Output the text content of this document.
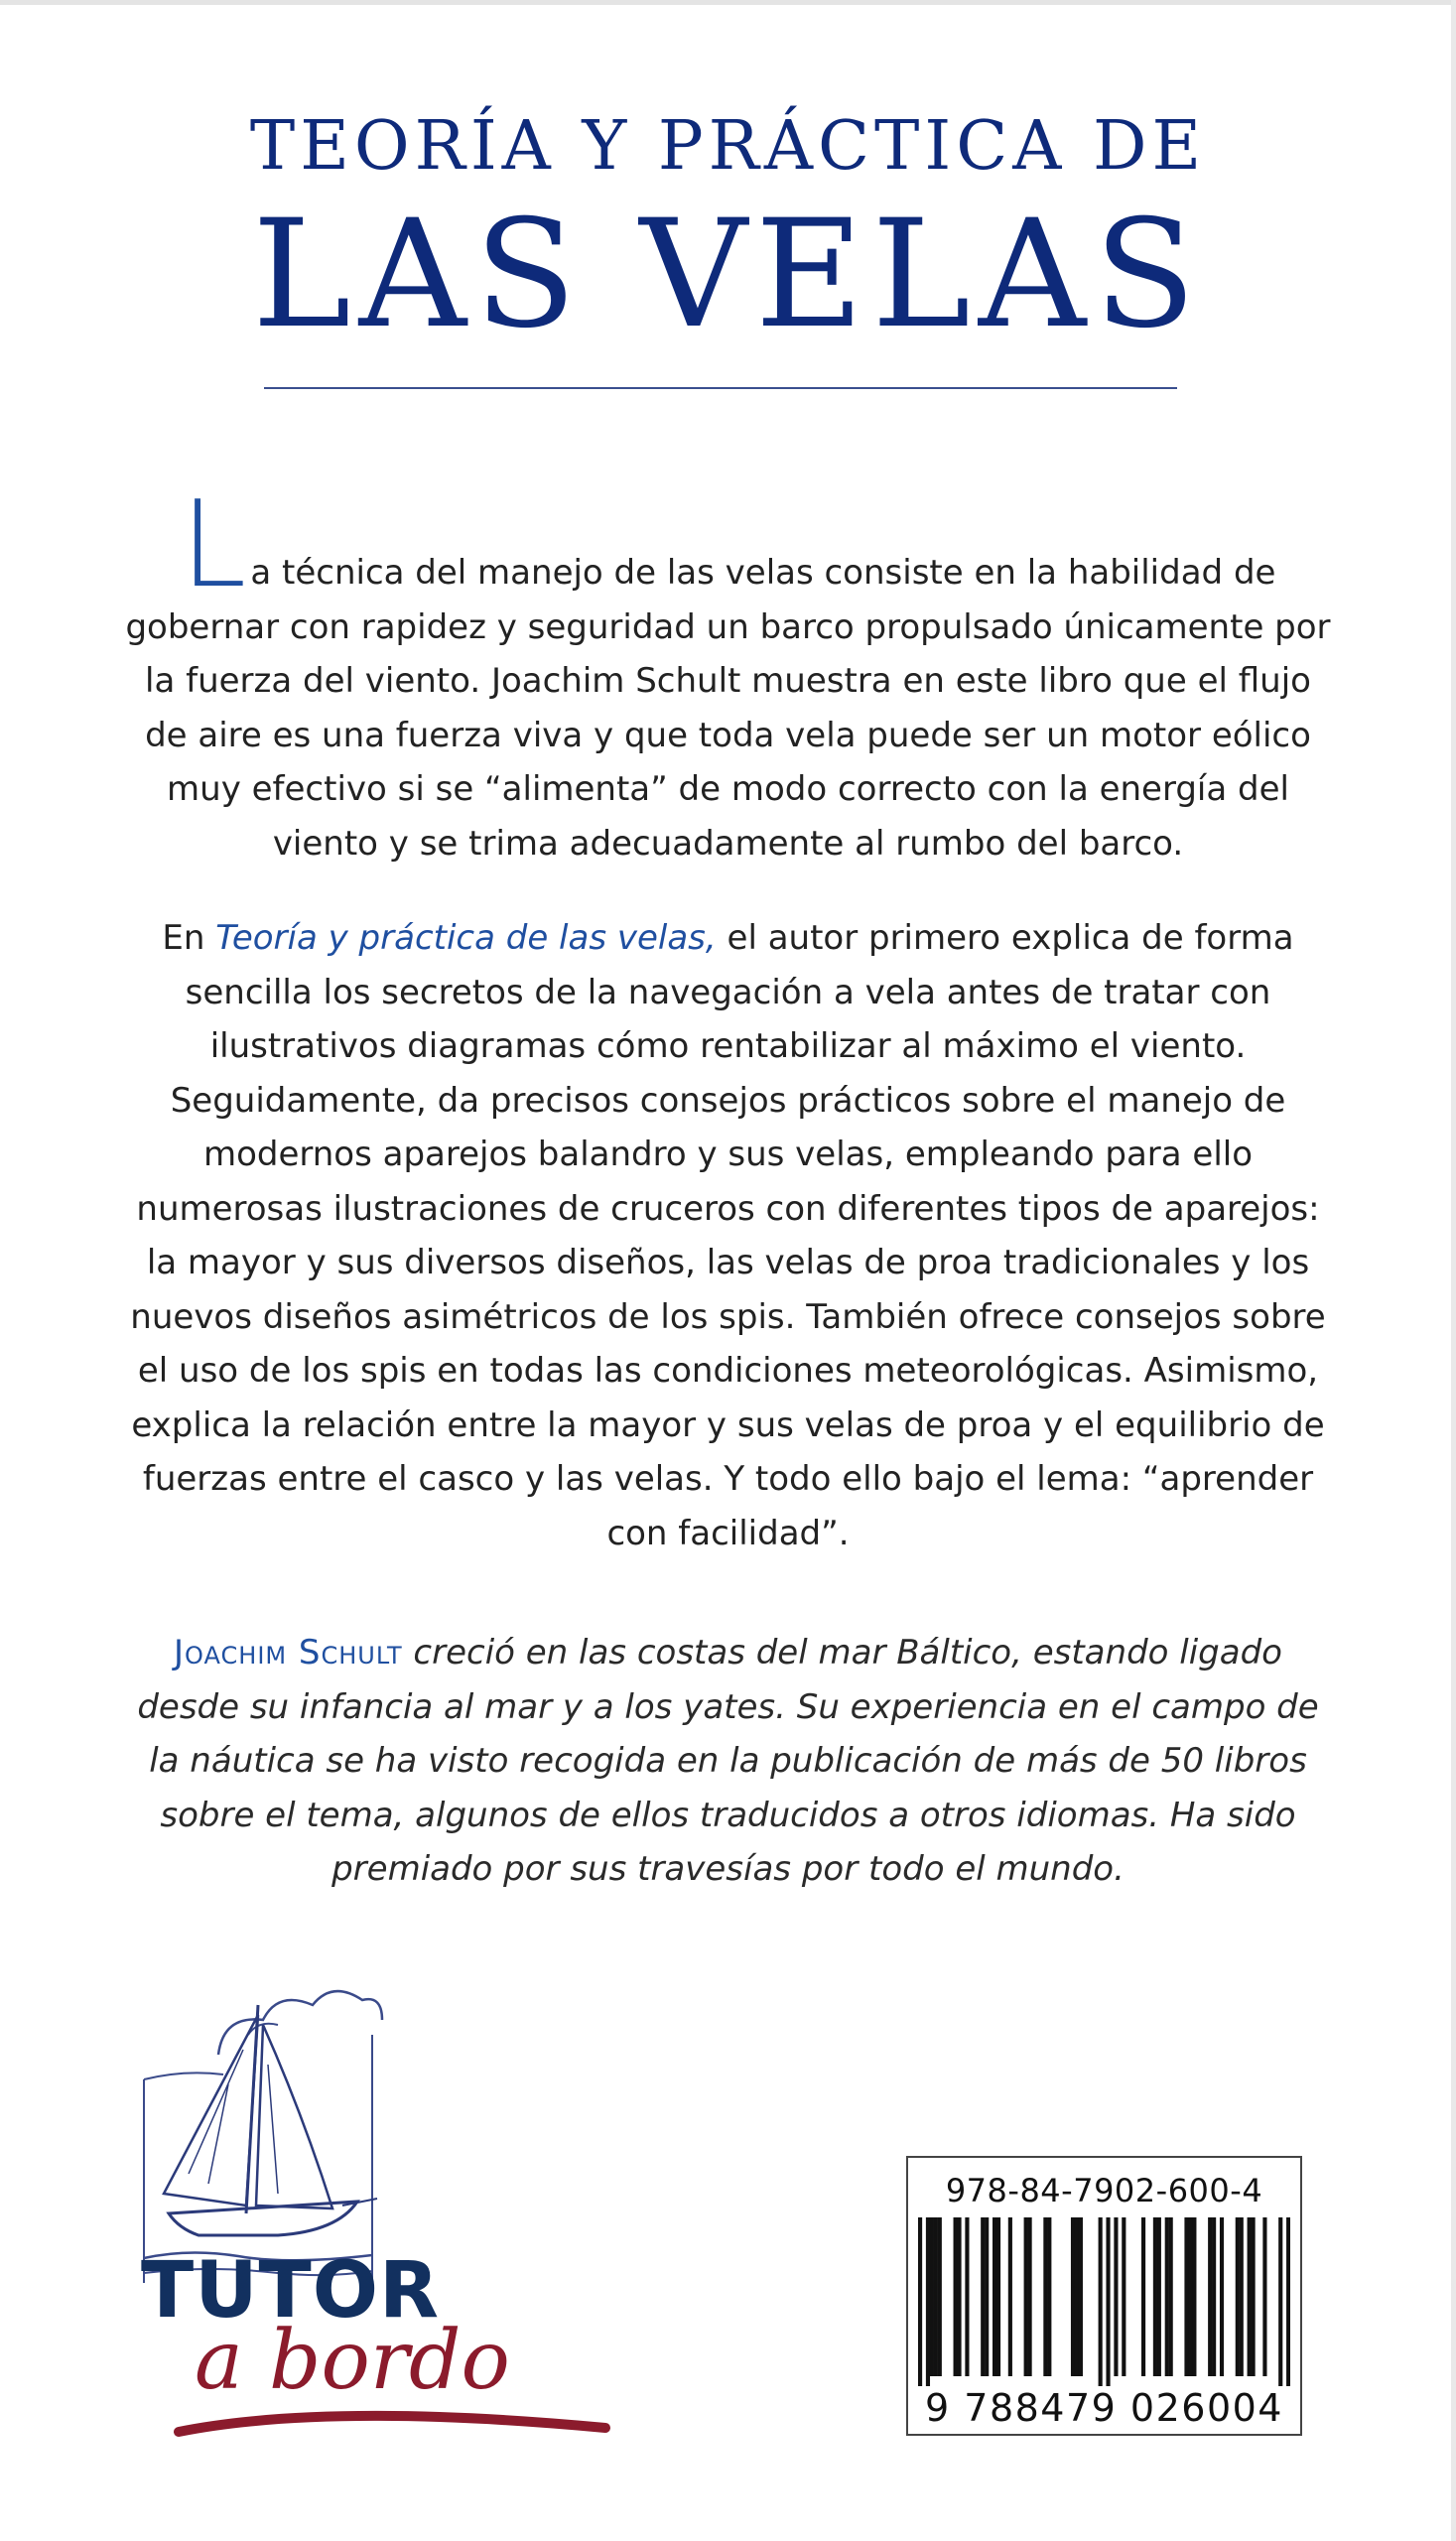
TEORÍA Y PRÁCTICA DE
LAS VELAS

La técnica del manejo de las velas consiste en la habilidad de gobernar con rapidez y seguridad un barco propulsado únicamente por la fuerza del viento. Joachim Schult muestra en este libro que el flujo de aire es una fuerza viva y que toda vela puede ser un motor eólico muy efectivo si se “alimenta” de modo correcto con la energía del viento y se trima adecuadamente al rumbo del barco.

En Teoría y práctica de las velas, el autor primero explica de forma sencilla los secretos de la navegación a vela antes de tratar con ilustrativos diagramas cómo rentabilizar al máximo el viento. Seguidamente, da precisos consejos prácticos sobre el manejo de modernos aparejos balandro y sus velas, empleando para ello numerosas ilustraciones de cruceros con diferentes tipos de aparejos: la mayor y sus diversos diseños, las velas de proa tradicionales y los nuevos diseños asimétricos de los spis. También ofrece consejos sobre el uso de los spis en todas las condiciones meteorológicas. Asimismo, explica la relación entre la mayor y sus velas de proa y el equilibrio de fuerzas entre el casco y las velas. Y todo ello bajo el lema: “aprender con facilidad”.

Joachim Schult creció en las costas del mar Báltico, estando ligado desde su infancia al mar y a los yates. Su experiencia en el campo de la náutica se ha visto recogida en la publicación de más de 50 libros sobre el tema, algunos de ellos traducidos a otros idiomas. Ha sido premiado por sus travesías por todo el mundo.

TUTOR
a bordo
978-84-7902-600-4
9 788479 026004
